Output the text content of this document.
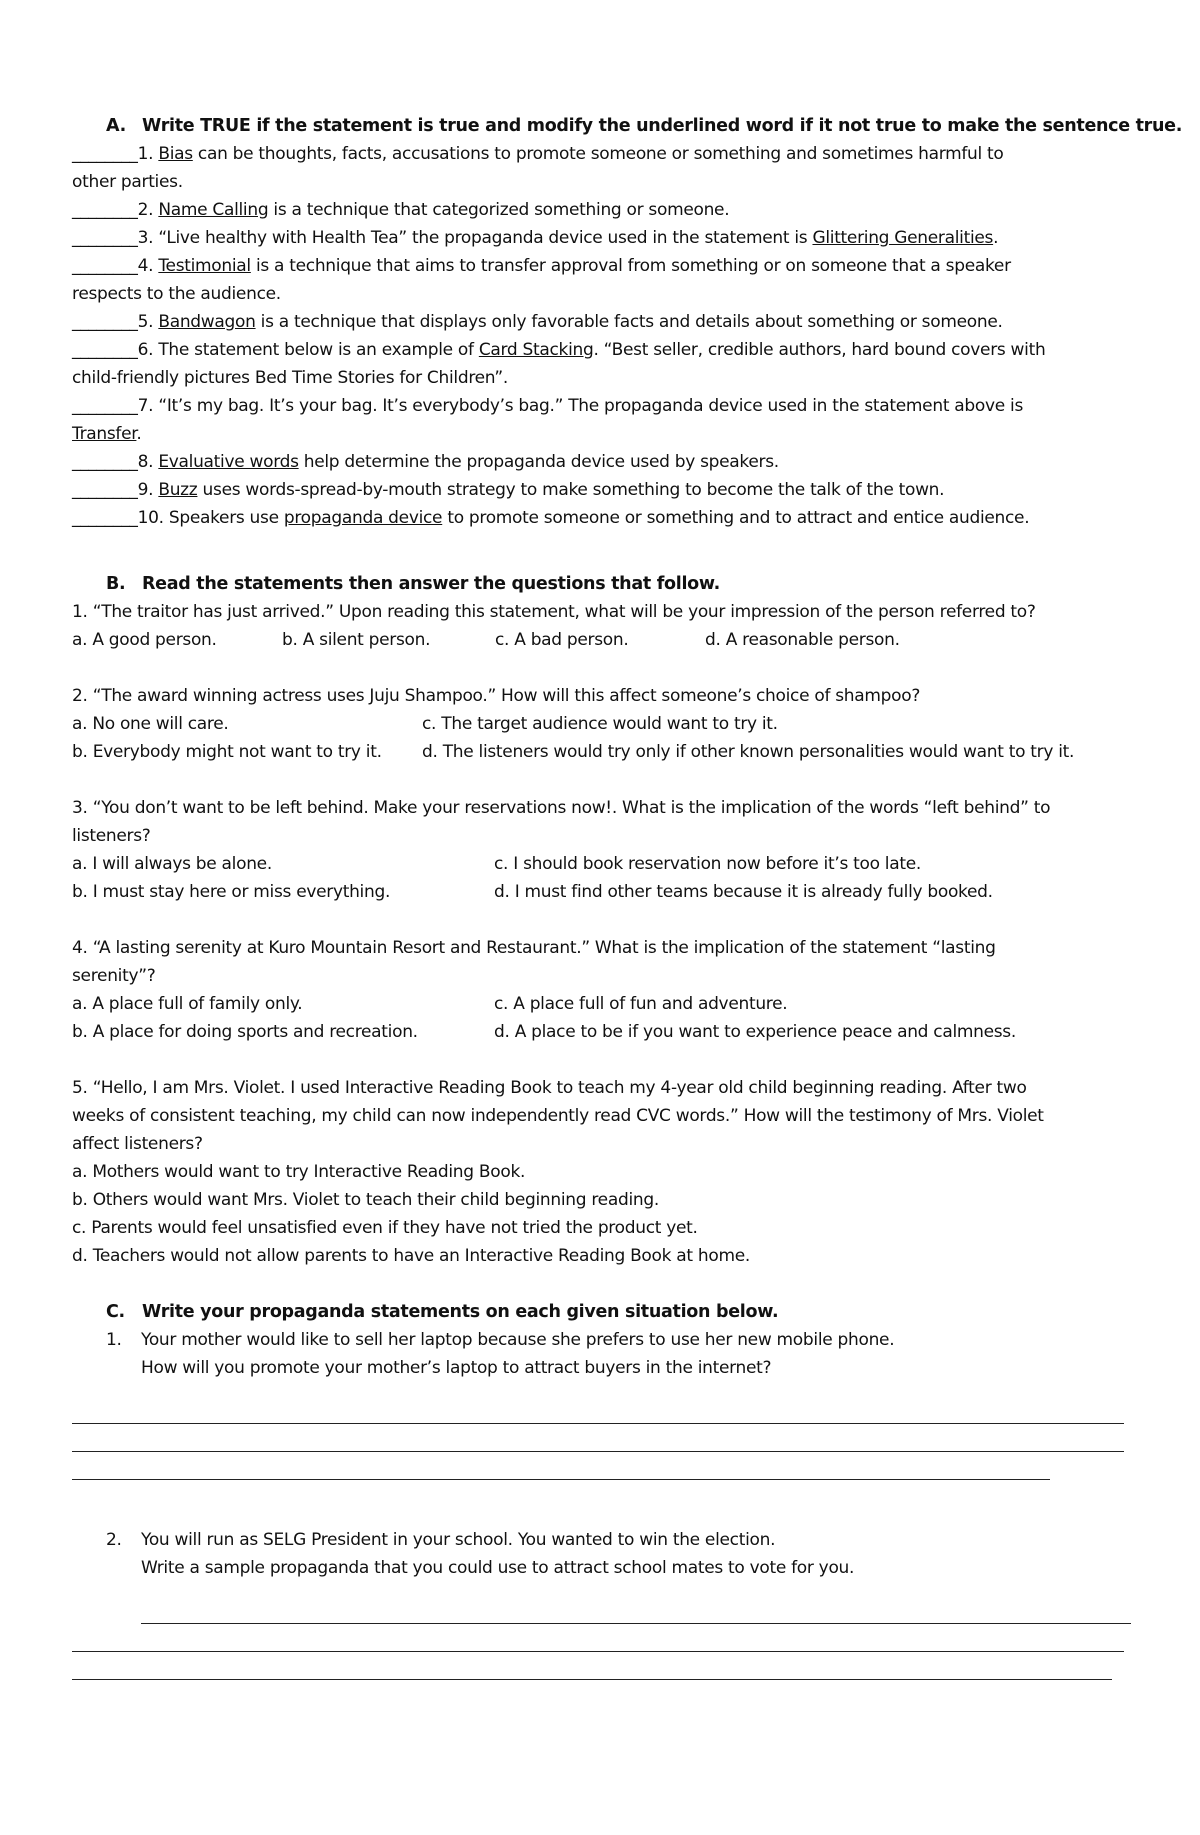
A. Write TRUE if the statement is true and modify the underlined word if it not true to make the sentence true.
________1. Bias can be thoughts, facts, accusations to promote someone or something and sometimes harmful to
other parties.
________2. Name Calling is a technique that categorized something or someone.
________3. “Live healthy with Health Tea” the propaganda device used in the statement is Glittering Generalities.
________4. Testimonial is a technique that aims to transfer approval from something or on someone that a speaker
respects to the audience.
________5. Bandwagon is a technique that displays only favorable facts and details about something or someone.
________6. The statement below is an example of Card Stacking. “Best seller, credible authors, hard bound covers with
child-friendly pictures Bed Time Stories for Children”.
________7. “It’s my bag. It’s your bag. It’s everybody’s bag.” The propaganda device used in the statement above is
Transfer.
________8. Evaluative words help determine the propaganda device used by speakers.
________9. Buzz uses words-spread-by-mouth strategy to make something to become the talk of the town.
________10. Speakers use propaganda device to promote someone or something and to attract and entice audience.
B. Read the statements then answer the questions that follow.
1. “The traitor has just arrived.” Upon reading this statement, what will be your impression of the person referred to?
a. A good person.	b. A silent person.	c. A bad person.	d. A reasonable person.
2. “The award winning actress uses Juju Shampoo.” How will this affect someone’s choice of shampoo?
a. No one will care.	c. The target audience would want to try it.
b. Everybody might not want to try it. d. The listeners would try only if other known personalities would want to try it.
3. “You don’t want to be left behind. Make your reservations now!. What is the implication of the words “left behind” to
listeners?
a. I will always be alone.	c. I should book reservation now before it’s too late.
b. I must stay here or miss everything.	d. I must find other teams because it is already fully booked.
4. “A lasting serenity at Kuro Mountain Resort and Restaurant.” What is the implication of the statement “lasting
serenity”?
a. A place full of family only.	c. A place full of fun and adventure.
b. A place for doing sports and recreation.	d. A place to be if you want to experience peace and calmness.
5. “Hello, I am Mrs. Violet. I used Interactive Reading Book to teach my 4-year old child beginning reading. After two
weeks of consistent teaching, my child can now independently read CVC words.” How will the testimony of Mrs. Violet
affect listeners?
a. Mothers would want to try Interactive Reading Book.
b. Others would want Mrs. Violet to teach their child beginning reading.
c. Parents would feel unsatisfied even if they have not tried the product yet.
d. Teachers would not allow parents to have an Interactive Reading Book at home.
C. Write your propaganda statements on each given situation below.
1. Your mother would like to sell her laptop because she prefers to use her new mobile phone.
How will you promote your mother’s laptop to attract buyers in the internet?
2. You will run as SELG President in your school. You wanted to win the election.
Write a sample propaganda that you could use to attract school mates to vote for you.
